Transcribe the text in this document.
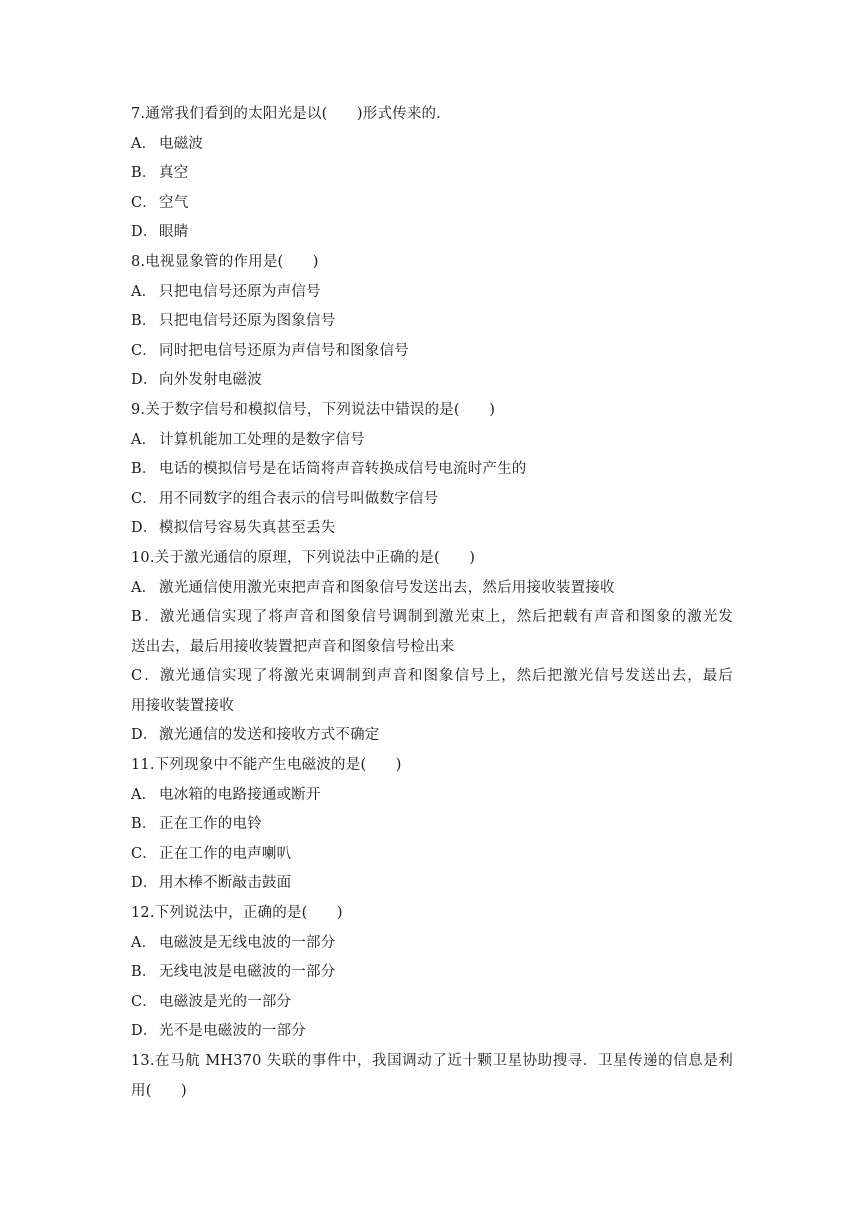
7.通常我们看到的太阳光是以(　　)形式传来的．
A． 电磁波
B． 真空
C． 空气
D．眼睛
8.电视显象管的作用是(　　)
A． 只把电信号还原为声信号
B． 只把电信号还原为图象信号
C． 同时把电信号还原为声信号和图象信号
D．向外发射电磁波
9.关于数字信号和模拟信号，下列说法中错误的是(　　)
A． 计算机能加工处理的是数字信号
B． 电话的模拟信号是在话筒将声音转换成信号电流时产生的
C． 用不同数字的组合表示的信号叫做数字信号
D．模拟信号容易失真甚至丢失
10.关于激光通信的原理，下列说法中正确的是(　　)
A． 激光通信使用激光束把声音和图象信号发送出去，然后用接收装置接收
B．激光通信实现了将声音和图象信号调制到激光束上，然后把载有声音和图象的激光发
送出去，最后用接收装置把声音和图象信号检出来
C．激光通信实现了将激光束调制到声音和图象信号上，然后把激光信号发送出去，最后
用接收装置接收
D．激光通信的发送和接收方式不确定
11.下列现象中不能产生电磁波的是(　　)
A． 电冰箱的电路接通或断开
B． 正在工作的电铃
C． 正在工作的电声喇叭
D．用木棒不断敲击鼓面
12.下列说法中，正确的是(　　)
A． 电磁波是无线电波的一部分
B． 无线电波是电磁波的一部分
C． 电磁波是光的一部分
D．光不是电磁波的一部分
13.在马航 MH370 失联的事件中，我国调动了近十颗卫星协助搜寻．卫星传递的信息是利
用(　　)
